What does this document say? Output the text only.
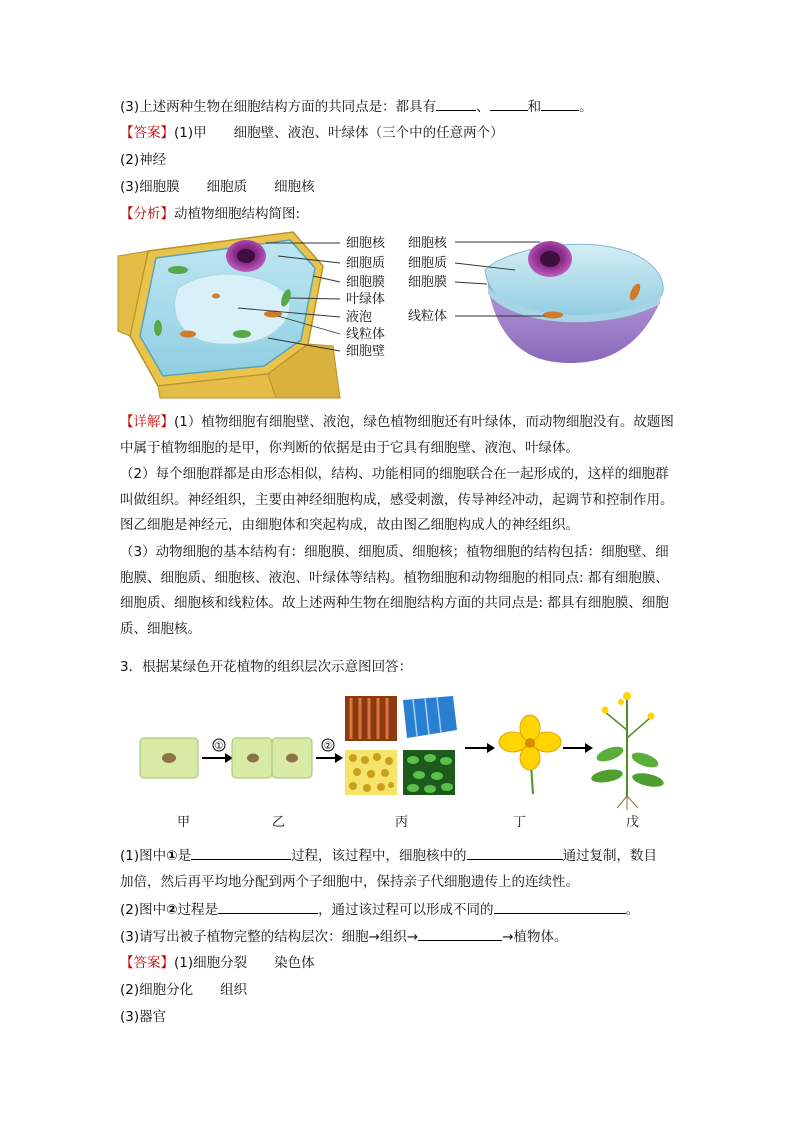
(3)上述两种生物在细胞结构方面的共同点是：都具有	、	和	。
【答案】(1)甲　　细胞壁、液泡、叶绿体（三个中的任意两个）
(2)神经
(3)细胞膜　　细胞质　　细胞核
【分析】动植物细胞结构简图:
细胞核
细胞质
细胞膜
叶绿体
液泡
线粒体
细胞壁
细胞核
细胞质
细胞膜
线粒体
【详解】(1）植物细胞有细胞壁、液泡，绿色植物细胞还有叶绿体，而动物细胞没有。故题图中属于植物细胞的是甲，你判断的依据是由于它具有细胞壁、液泡、叶绿体。
（2）每个细胞群都是由形态相似，结构、功能相同的细胞联合在一起形成的，这样的细胞群叫做组织。神经组织，主要由神经细胞构成，感受刺激，传导神经冲动，起调节和控制作用。图乙细胞是神经元，由细胞体和突起构成，故由图乙细胞构成人的神经组织。
（3）动物细胞的基本结构有：细胞膜、细胞质、细胞核；植物细胞的结构包括：细胞壁、细胞膜、细胞质、细胞核、液泡、叶绿体等结构。植物细胞和动物细胞的相同点: 都有细胞膜、细胞质、细胞核和线粒体。故上述两种生物在细胞结构方面的共同点是: 都具有细胞膜、细胞质、细胞核。
3．根据某绿色开花植物的组织层次示意图回答：
①	②
甲	乙	丙	丁	戊
(1)图中①是	过程，该过程中，细胞核中的	通过复制，数目
加倍，然后再平均地分配到两个子细胞中，保持亲子代细胞遗传上的连续性。
(2)图中②过程是	，通过该过程可以形成不同的	。
(3)请写出被子植物完整的结构层次：细胞→组织→	→植物体。
【答案】(1)细胞分裂　　染色体
(2)细胞分化　　组织
(3)器官
